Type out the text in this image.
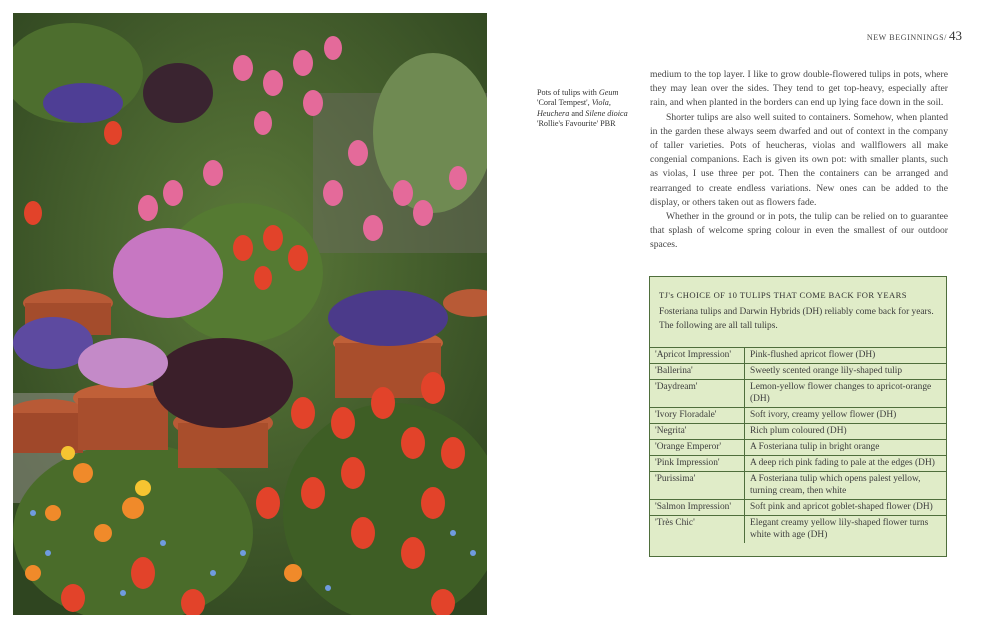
Pots of tulips with Geum 'Coral Tempest', Viola, Heuchera and Silene dioica 'Rollie's Favourite' PBR
NEW BEGINNINGS/ 43

medium to the top layer. I like to grow double-flowered tulips in pots, where they may lean over the sides. They tend to get top-heavy, especially after rain, and when planted in the borders can end up lying face down in the soil.

Shorter tulips are also well suited to containers. Somehow, when planted in the garden these always seem dwarfed and out of context in the company of taller varieties. Pots of heucheras, violas and wallflowers all make congenial companions. Each is given its own pot: with smaller plants, such as violas, I use three per pot. Then the containers can be arranged and rearranged to create endless variations. New ones can be added to the display, or others taken out as flowers fade.

Whether in the ground or in pots, the tulip can be relied on to guarantee that splash of welcome spring colour in even the smallest of our outdoor spaces.

TJ's CHOICE OF 10 TULIPS THAT COME BACK FOR YEARS
Fosteriana tulips and Darwin Hybrids (DH) reliably come back for years. The following are all tall tulips.
'Apricot Impression'	Pink-flushed apricot flower (DH)
'Ballerina'	Sweetly scented orange lily-shaped tulip
'Daydream'	Lemon-yellow flower changes to apricot-orange (DH)
'Ivory Floradale'	Soft ivory, creamy yellow flower (DH)
'Negrita'	Rich plum coloured (DH)
'Orange Emperor'	A Fosteriana tulip in bright orange
'Pink Impression'	A deep rich pink fading to pale at the edges (DH)
'Purissima'	A Fosteriana tulip which opens palest yellow, turning cream, then white
'Salmon Impression'	Soft pink and apricot goblet-shaped flower (DH)
'Très Chic'	Elegant creamy yellow lily-shaped flower turns white with age (DH)
